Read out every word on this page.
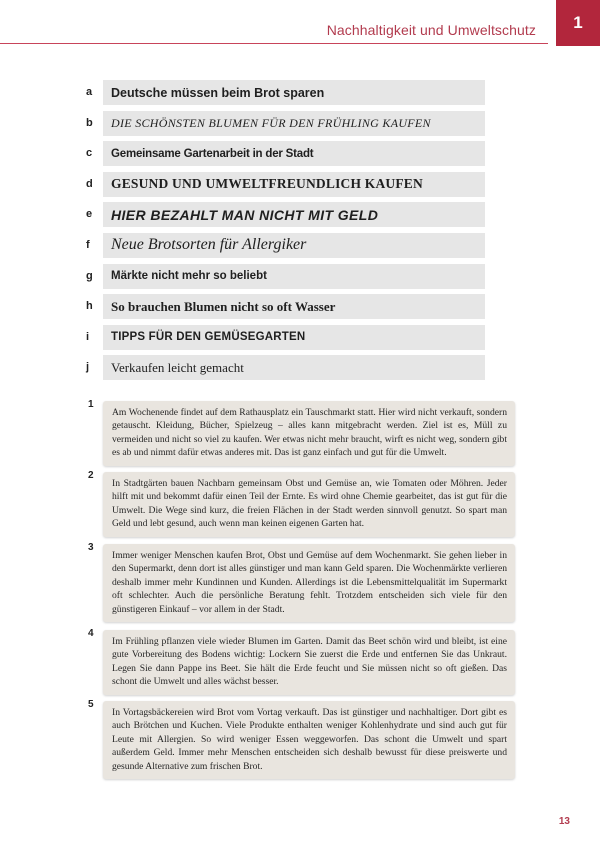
Nachhaltigkeit und Umweltschutz	1
a	Deutsche müssen beim Brot sparen
b	DIE SCHÖNSTEN BLUMEN FÜR DEN FRÜHLING KAUFEN
c	Gemeinsame Gartenarbeit in der Stadt
d	GESUND UND UMWELTFREUNDLICH KAUFEN
e	HIER BEZAHLT MAN NICHT MIT GELD
f	Neue Brotsorten für Allergiker
g	Märkte nicht mehr so beliebt
h	So brauchen Blumen nicht so oft Wasser
i	TIPPS FÜR DEN GEMÜSEGARTEN
j	Verkaufen leicht gemacht
1
Am Wochenende findet auf dem Rathausplatz ein Tauschmarkt statt. Hier wird nicht verkauft, sondern getauscht. Kleidung, Bücher, Spielzeug – alles kann mitgebracht werden. Ziel ist es, Müll zu vermeiden und nicht so viel zu kaufen. Wer etwas nicht mehr braucht, wirft es nicht weg, sondern gibt es ab und nimmt dafür etwas anderes mit. Das ist ganz einfach und gut für die Umwelt.
2
In Stadtgärten bauen Nachbarn gemeinsam Obst und Gemüse an, wie Tomaten oder Möhren. Jeder hilft mit und bekommt dafür einen Teil der Ernte. Es wird ohne Chemie gearbeitet, das ist gut für die Umwelt. Die Wege sind kurz, die freien Flächen in der Stadt werden sinnvoll genutzt. So spart man Geld und lebt gesund, auch wenn man keinen eigenen Garten hat.
3
Immer weniger Menschen kaufen Brot, Obst und Gemüse auf dem Wochenmarkt. Sie gehen lieber in den Supermarkt, denn dort ist alles günstiger und man kann Geld sparen. Die Wochenmärkte verlieren deshalb immer mehr Kundinnen und Kunden. Allerdings ist die Lebensmittelqualität im Supermarkt oft schlechter. Auch die persönliche Beratung fehlt. Trotzdem entscheiden sich viele für den günstigeren Einkauf – vor allem in der Stadt.
4
Im Frühling pflanzen viele wieder Blumen im Garten. Damit das Beet schön wird und bleibt, ist eine gute Vorbereitung des Bodens wichtig: Lockern Sie zuerst die Erde und entfernen Sie das Unkraut. Legen Sie dann Pappe ins Beet. Sie hält die Erde feucht und Sie müssen nicht so oft gießen. Das schont die Umwelt und alles wächst besser.
5
In Vortagsbäckereien wird Brot vom Vortag verkauft. Das ist günstiger und nachhaltiger. Dort gibt es auch Brötchen und Kuchen. Viele Produkte enthalten weniger Kohlenhydrate und sind auch gut für Leute mit Allergien. So wird weniger Essen weggeworfen. Das schont die Umwelt und spart außerdem Geld. Immer mehr Menschen entscheiden sich deshalb bewusst für diese preiswerte und gesunde Alternative zum frischen Brot.
13
